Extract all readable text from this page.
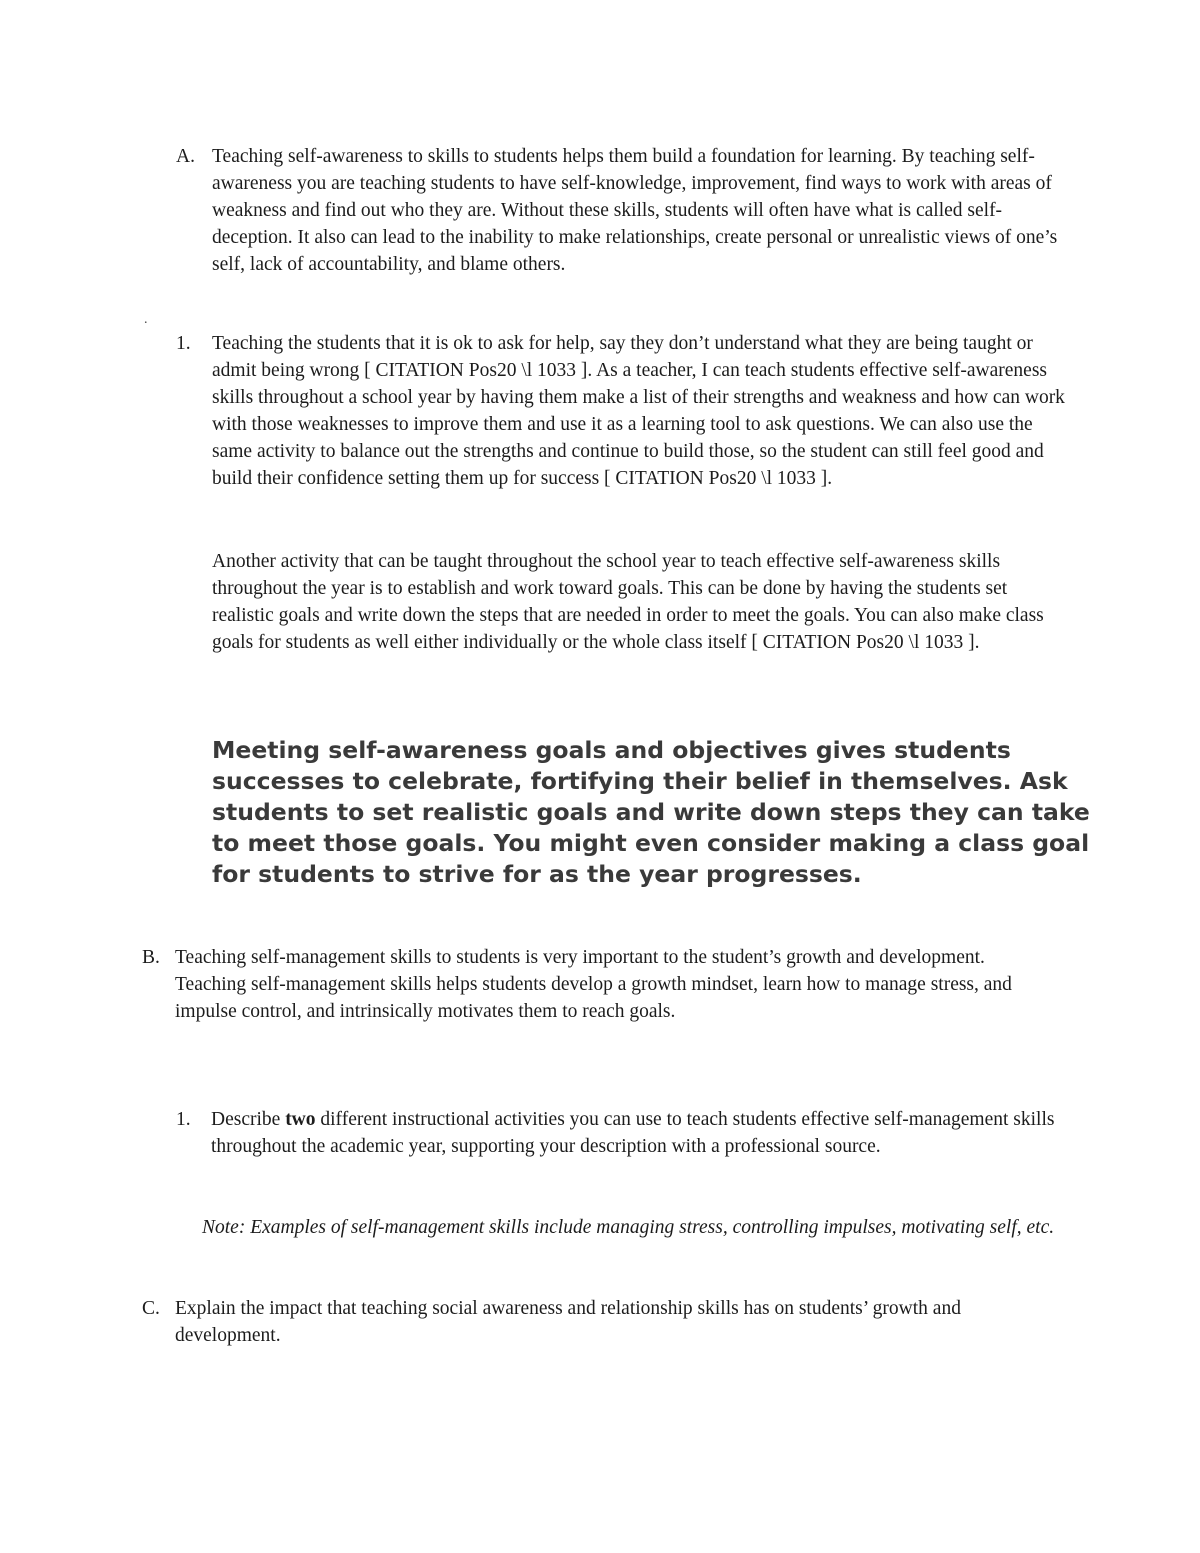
A. Teaching self-awareness to skills to students helps them build a foundation for learning. By teaching self-awareness you are teaching students to have self-knowledge, improvement, find ways to work with areas of weakness and find out who they are. Without these skills, students will often have what is called self-deception. It also can lead to the inability to make relationships, create personal or unrealistic views of one’s self, lack of accountability, and blame others.

.
1. Teaching the students that it is ok to ask for help, say they don’t understand what they are being taught or admit being wrong [ CITATION Pos20 \l 1033 ]. As a teacher, I can teach students effective self-awareness skills throughout a school year by having them make a list of their strengths and weakness and how can work with those weaknesses to improve them and use it as a learning tool to ask questions. We can also use the same activity to balance out the strengths and continue to build those, so the student can still feel good and build their confidence setting them up for success [ CITATION Pos20 \l 1033 ].

Another activity that can be taught throughout the school year to teach effective self-awareness skills throughout the year is to establish and work toward goals. This can be done by having the students set realistic goals and write down the steps that are needed in order to meet the goals. You can also make class goals for students as well either individually or the whole class itself [ CITATION Pos20 \l 1033 ].

Meeting self-awareness goals and objectives gives students successes to celebrate, fortifying their belief in themselves. Ask students to set realistic goals and write down steps they can take to meet those goals. You might even consider making a class goal for students to strive for as the year progresses.

B. Teaching self-management skills to students is very important to the student’s growth and development. Teaching self-management skills helps students develop a growth mindset, learn how to manage stress, and impulse control, and intrinsically motivates them to reach goals.

1. Describe two different instructional activities you can use to teach students effective self-management skills throughout the academic year, supporting your description with a professional source.

Note: Examples of self-management skills include managing stress, controlling impulses, motivating self, etc.

C. Explain the impact that teaching social awareness and relationship skills has on students’ growth and development.
